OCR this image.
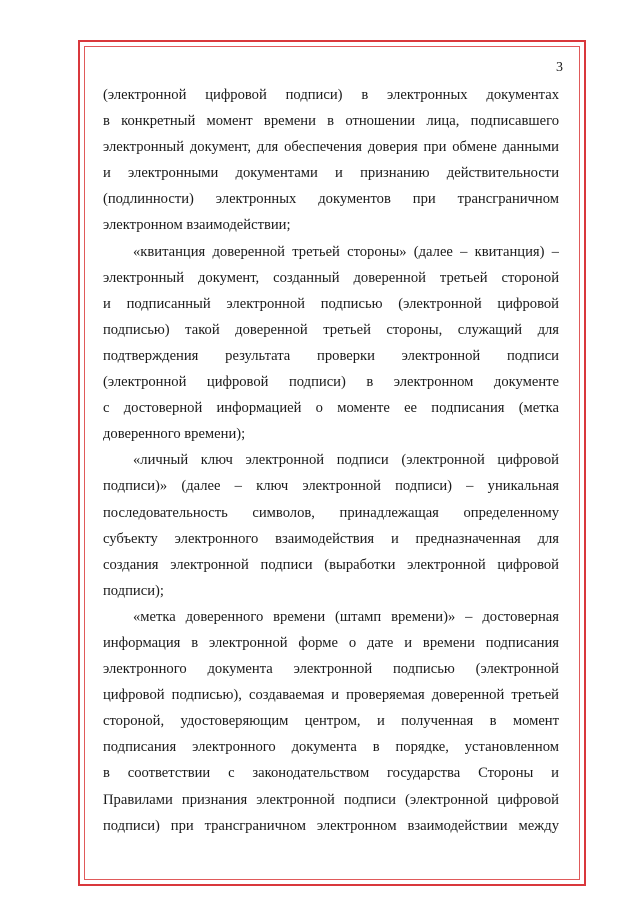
3
(электронной цифровой подписи) в электронных документах
в конкретный момент времени в отношении лица, подписавшего
электронный документ, для обеспечения доверия при обмене данными
и электронными документами и признанию действительности
(подлинности) электронных документов при трансграничном
электронном взаимодействии;
«квитанция доверенной третьей стороны» (далее – квитанция) –
электронный документ, созданный доверенной третьей стороной
и подписанный электронной подписью (электронной цифровой
подписью) такой доверенной третьей стороны, служащий для
подтверждения результата проверки электронной подписи
(электронной цифровой подписи) в электронном документе
с достоверной информацией о моменте ее подписания (метка
доверенного времени);
«личный ключ электронной подписи (электронной цифровой
подписи)» (далее – ключ электронной подписи) – уникальная
последовательность символов, принадлежащая определенному
субъекту электронного взаимодействия и предназначенная для
создания электронной подписи (выработки электронной цифровой
подписи);
«метка доверенного времени (штамп времени)» – достоверная
информация в электронной форме о дате и времени подписания
электронного документа электронной подписью (электронной
цифровой подписью), создаваемая и проверяемая доверенной третьей
стороной, удостоверяющим центром, и полученная в момент
подписания электронного документа в порядке, установленном
в соответствии с законодательством государства Стороны и
Правилами признания электронной подписи (электронной цифровой
подписи) при трансграничном электронном взаимодействии между
